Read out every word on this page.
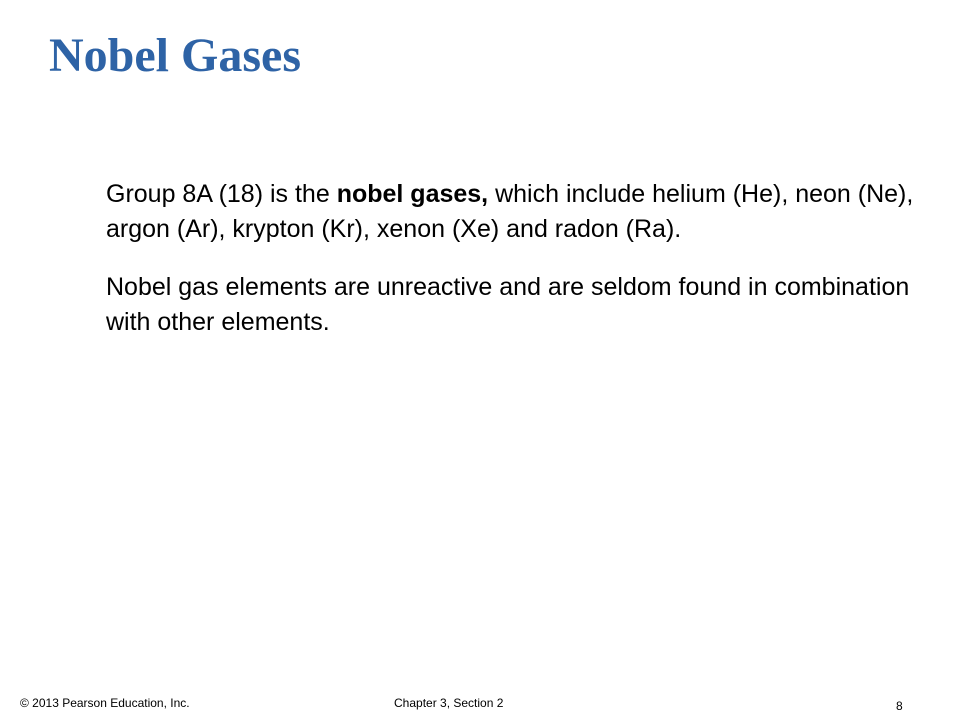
Nobel Gases

Group 8A (18) is the nobel gases, which include helium (He), neon (Ne), argon (Ar), krypton (Kr), xenon (Xe) and radon (Ra).

Nobel gas elements are unreactive and are seldom found in combination with other elements.

© 2013 Pearson Education, Inc.	Chapter 3, Section 2	8
